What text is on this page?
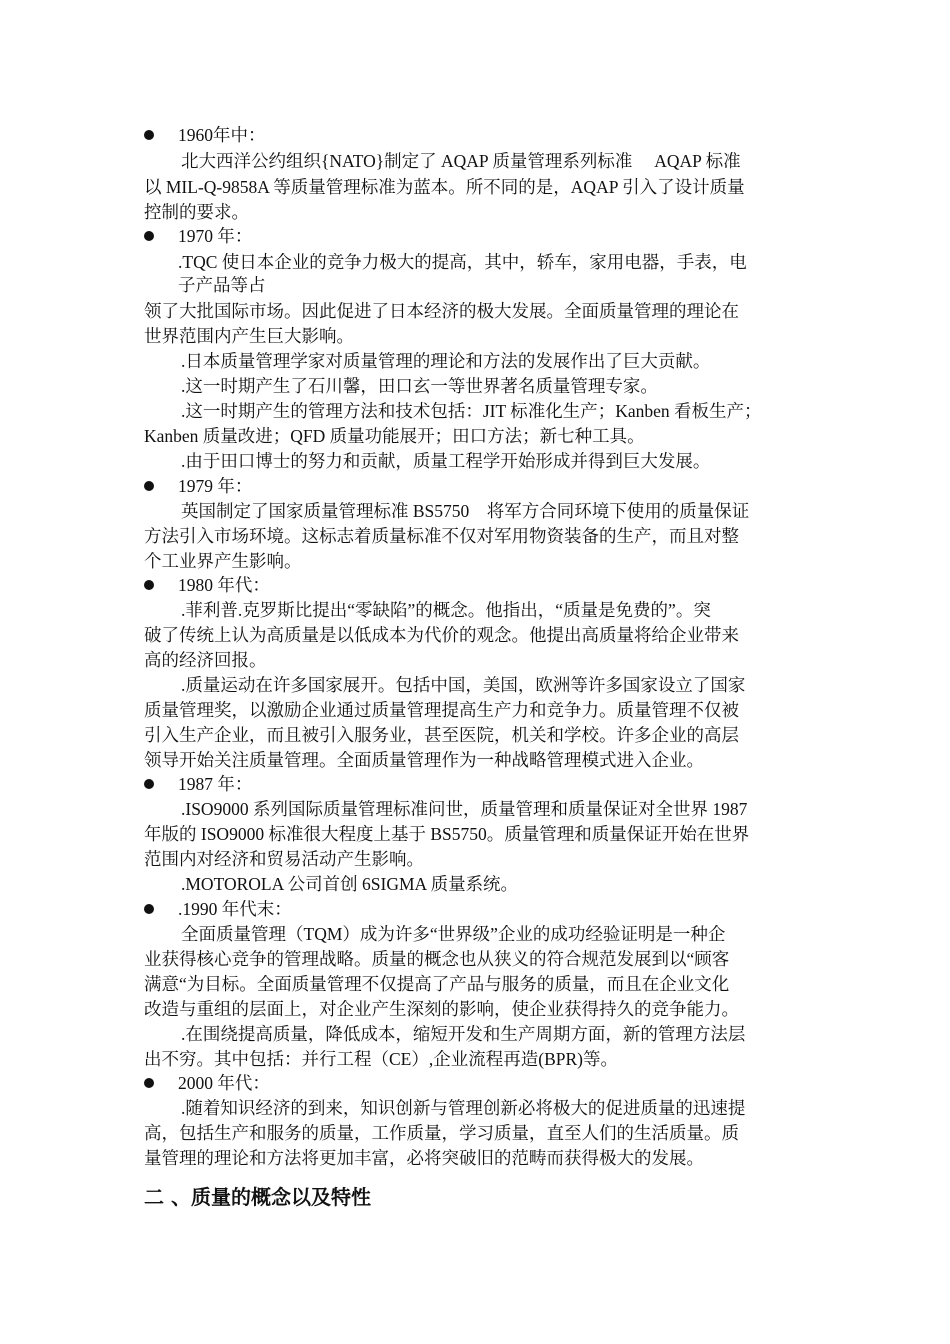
1960年中：
北大西洋公约组织{NATO}制定了 AQAP 质量管理系列标准 　AQAP 标准
以 MIL-Q-9858A 等质量管理标准为蓝本。所不同的是，AQAP 引入了设计质量
控制的要求。
1970 年：
.TQC 使日本企业的竞争力极大的提高，其中，轿车，家用电器，手表，电
子产品等占
领了大批国际市场。因此促进了日本经济的极大发展。全面质量管理的理论在
世界范围内产生巨大影响。
.日本质量管理学家对质量管理的理论和方法的发展作出了巨大贡献。
.这一时期产生了石川馨，田口玄一等世界著名质量管理专家。
.这一时期产生的管理方法和技术包括：JIT 标准化生产；Kanben 看板生产；
Kanben 质量改进；QFD 质量功能展开；田口方法；新七种工具。
.由于田口博士的努力和贡献，质量工程学开始形成并得到巨大发展。
1979 年：
英国制定了国家质量管理标准 BS5750　将军方合同环境下使用的质量保证
方法引入市场环境。这标志着质量标准不仅对军用物资装备的生产，而且对整
个工业界产生影响。
1980 年代：
.菲利普.克罗斯比提出“零缺陷”的概念。他指出，“质量是免费的”。突
破了传统上认为高质量是以低成本为代价的观念。他提出高质量将给企业带来
高的经济回报。
.质量运动在许多国家展开。包括中国，美国，欧洲等许多国家设立了国家
质量管理奖，以激励企业通过质量管理提高生产力和竞争力。质量管理不仅被
引入生产企业，而且被引入服务业，甚至医院，机关和学校。许多企业的高层
领导开始关注质量管理。全面质量管理作为一种战略管理模式进入企业。
1987 年：
.ISO9000 系列国际质量管理标准问世，质量管理和质量保证对全世界 1987
年版的 ISO9000 标准很大程度上基于 BS5750。质量管理和质量保证开始在世界
范围内对经济和贸易活动产生影响。
.MOTOROLA 公司首创 6SIGMA 质量系统。
.1990 年代末：
全面质量管理（TQM）成为许多“世界级”企业的成功经验证明是一种企
业获得核心竞争的管理战略。质量的概念也从狭义的符合规范发展到以“顾客
满意“为目标。全面质量管理不仅提高了产品与服务的质量，而且在企业文化
改造与重组的层面上，对企业产生深刻的影响，使企业获得持久的竞争能力。
.在围绕提高质量，降低成本，缩短开发和生产周期方面，新的管理方法层
出不穷。其中包括：并行工程（CE）,企业流程再造(BPR)等。
2000 年代：
.随着知识经济的到来，知识创新与管理创新必将极大的促进质量的迅速提
高，包括生产和服务的质量，工作质量，学习质量，直至人们的生活质量。质
量管理的理论和方法将更加丰富，必将突破旧的范畴而获得极大的发展。
二 、质量的概念以及特性
